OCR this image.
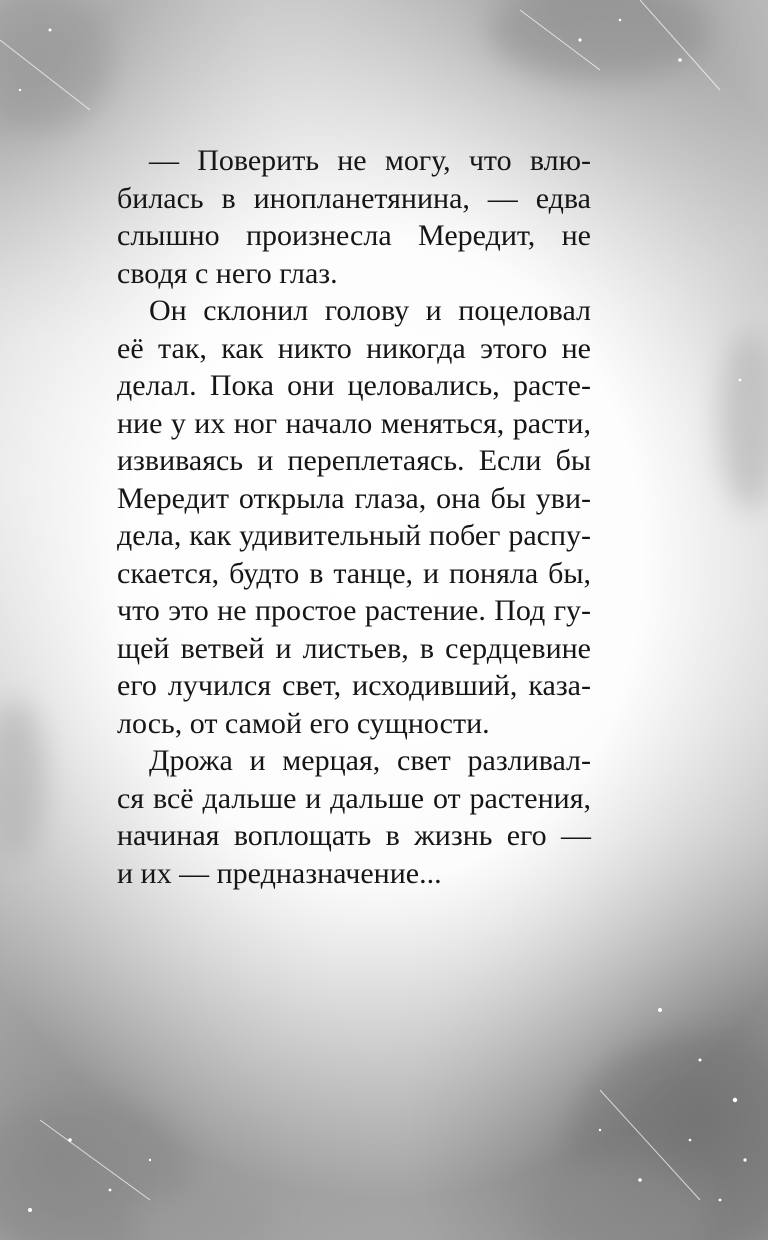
— Поверить не могу, что влю-
билась в инопланетянина, — едва
слышно произнесла Мередит, не
сводя с него глаз.
Он склонил голову и поцеловал
её так, как никто никогда этого не
делал. Пока они целовались, расте-
ние у их ног начало меняться, расти,
извиваясь и переплетаясь. Если бы
Мередит открыла глаза, она бы уви-
дела, как удивительный побег распу-
скается, будто в танце, и поняла бы,
что это не простое растение. Под гу-
щей ветвей и листьев, в сердцевине
его лучился свет, исходивший, каза-
лось, от самой его сущности.
Дрожа и мерцая, свет разливал-
ся всё дальше и дальше от растения,
начиная воплощать в жизнь его —
и их — предназначение...
